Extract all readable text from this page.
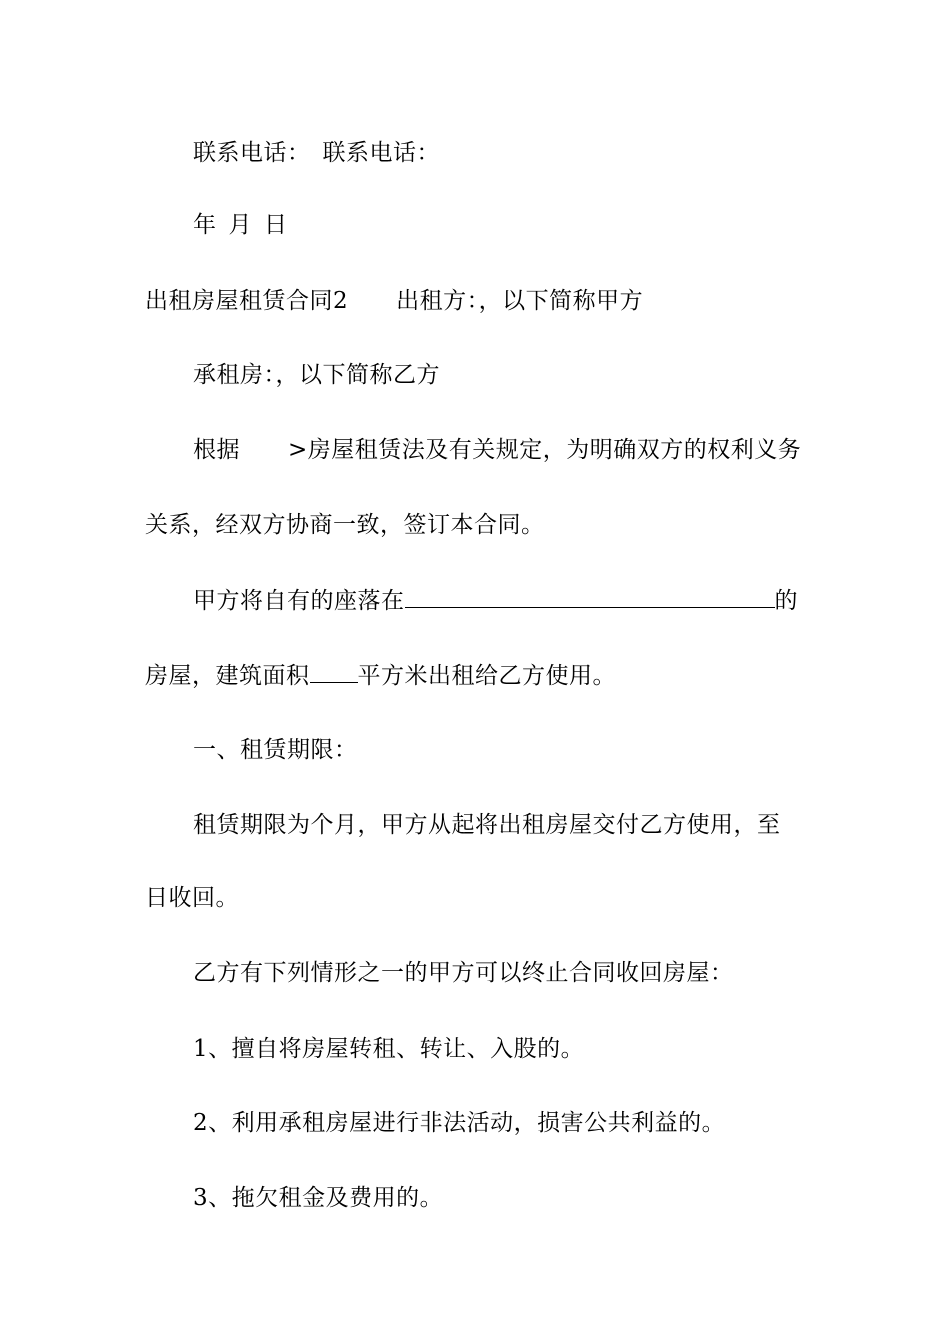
联系电话： 联系电话：
年 月 日
出租房屋租赁合同2 出租方：，以下简称甲方
承租房：，以下简称乙方
根据 >房屋租赁法及有关规定，为明确双方的权利义务
关系，经双方协商一致，签订本合同。
甲方将自有的座落在	的
房屋，建筑面积 平方米出租给乙方使用。
一、租赁期限：
租赁期限为个月，甲方从起将出租房屋交付乙方使用，至
日收回。
乙方有下列情形之一的甲方可以终止合同收回房屋：
1、擅自将房屋转租、转让、入股的。
2、利用承租房屋进行非法活动，损害公共利益的。
3、拖欠租金及费用的。
